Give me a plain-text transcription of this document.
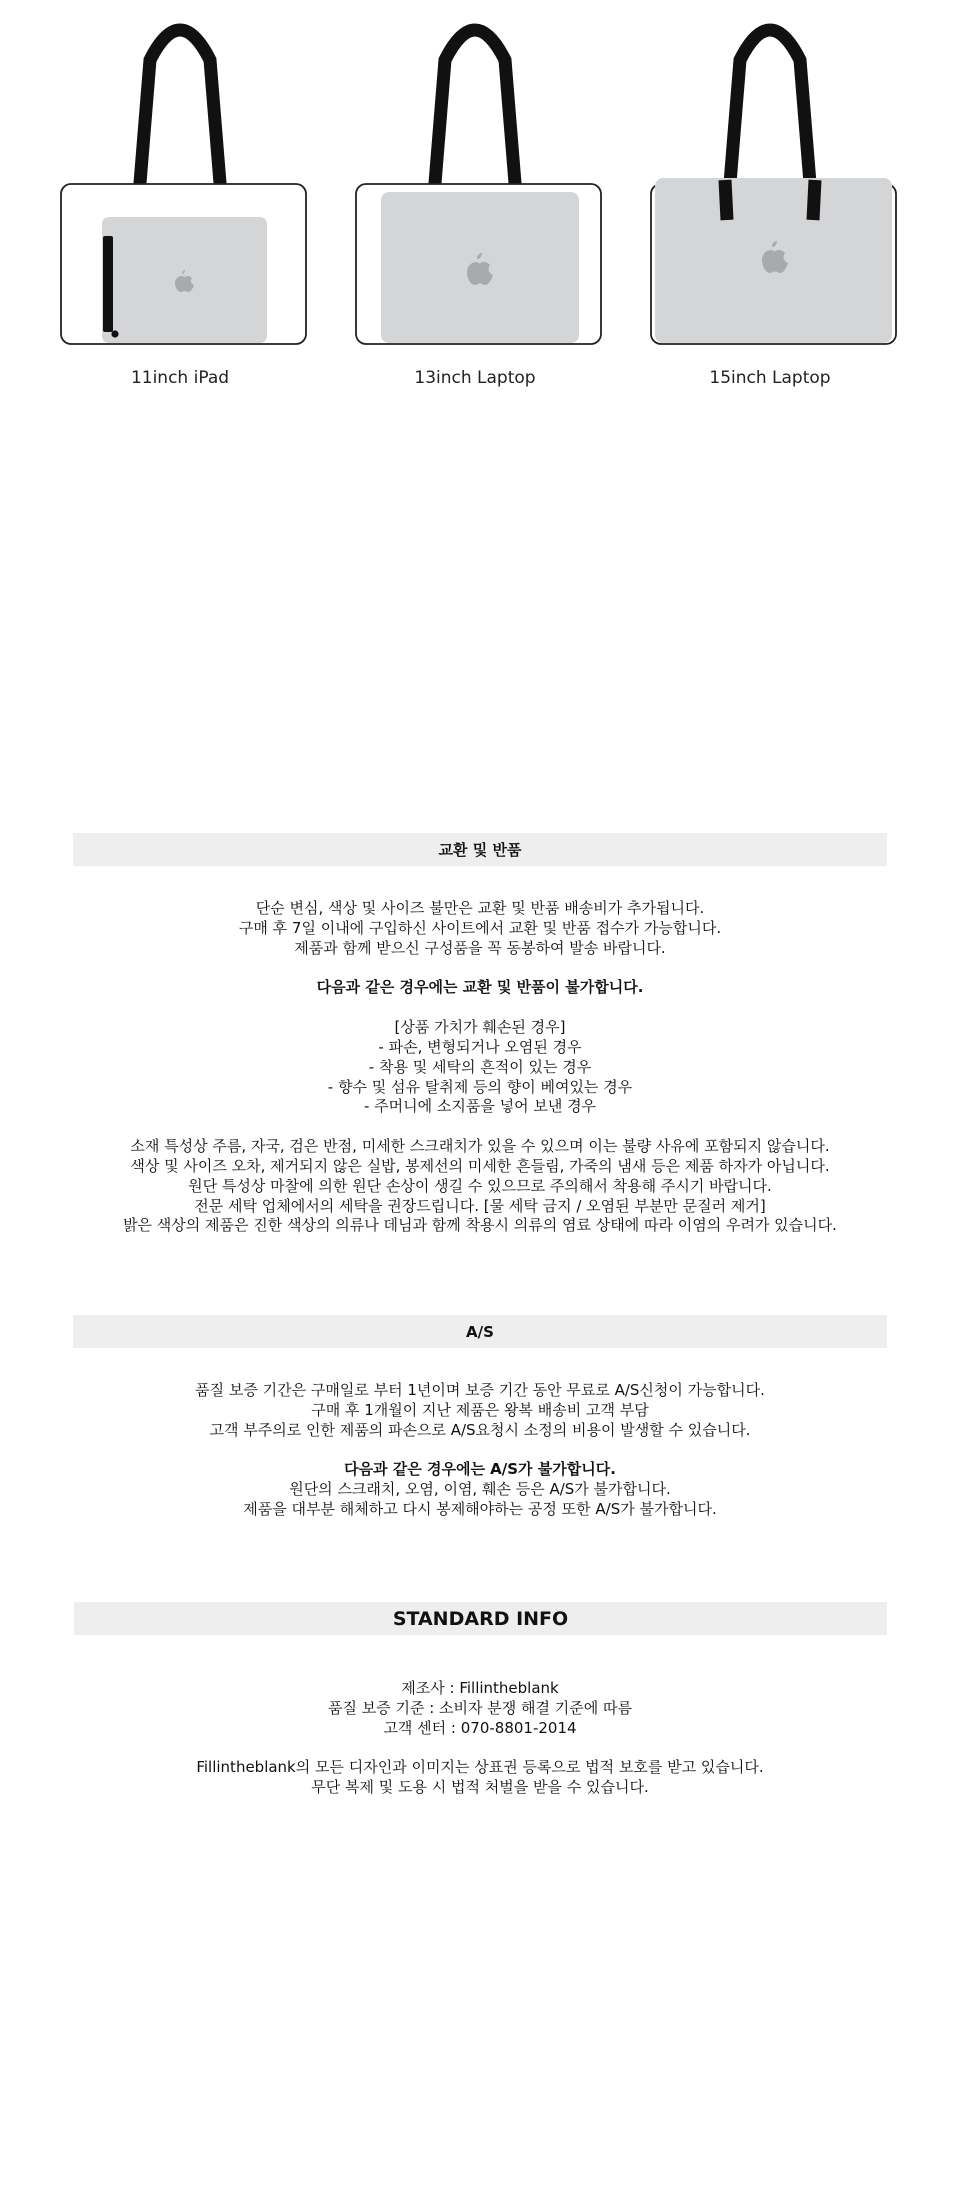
11inch iPad	13inch Laptop	15inch Laptop
교환 및 반품

단순 변심, 색상 및 사이즈 불만은 교환 및 반품 배송비가 추가됩니다.

구매 후 7일 이내에 구입하신 사이트에서 교환 및 반품 접수가 가능합니다.

제품과 함께 받으신 구성품을 꼭 동봉하여 발송 바랍니다.

다음과 같은 경우에는 교환 및 반품이 불가합니다.

[상품 가치가 훼손된 경우]

- 파손, 변형되거나 오염된 경우

- 착용 및 세탁의 흔적이 있는 경우

- 향수 및 섬유 탈취제 등의 향이 베여있는 경우

- 주머니에 소지품을 넣어 보낸 경우

소재 특성상 주름, 자국, 검은 반점, 미세한 스크래치가 있을 수 있으며 이는 불량 사유에 포함되지 않습니다.

색상 및 사이즈 오차, 제거되지 않은 실밥, 봉제선의 미세한 흔들림, 가죽의 냄새 등은 제품 하자가 아닙니다.

원단 특성상 마찰에 의한 원단 손상이 생길 수 있으므로 주의해서 착용해 주시기 바랍니다.

전문 세탁 업체에서의 세탁을 권장드립니다. [물 세탁 금지 / 오염된 부분만 문질러 제거]

밝은 색상의 제품은 진한 색상의 의류나 데님과 함께 착용시 의류의 염료 상태에 따라 이염의 우려가 있습니다.

A/S

품질 보증 기간은 구매일로 부터 1년이며 보증 기간 동안 무료로 A/S신청이 가능합니다.

구매 후 1개월이 지난 제품은 왕복 배송비 고객 부담

고객 부주의로 인한 제품의 파손으로 A/S요청시 소정의 비용이 발생할 수 있습니다.

다음과 같은 경우에는 A/S가 불가합니다.

원단의 스크래치, 오염, 이염, 훼손 등은 A/S가 불가합니다.

제품을 대부분 해체하고 다시 봉제해야하는 공정 또한 A/S가 불가합니다.

STANDARD INFO

제조사 : Fillintheblank

품질 보증 기준 : 소비자 분쟁 해결 기준에 따름

고객 센터 : 070-8801-2014

Fillintheblank의 모든 디자인과 이미지는 상표권 등록으로 법적 보호를 받고 있습니다.

무단 복제 및 도용 시 법적 처벌을 받을 수 있습니다.
